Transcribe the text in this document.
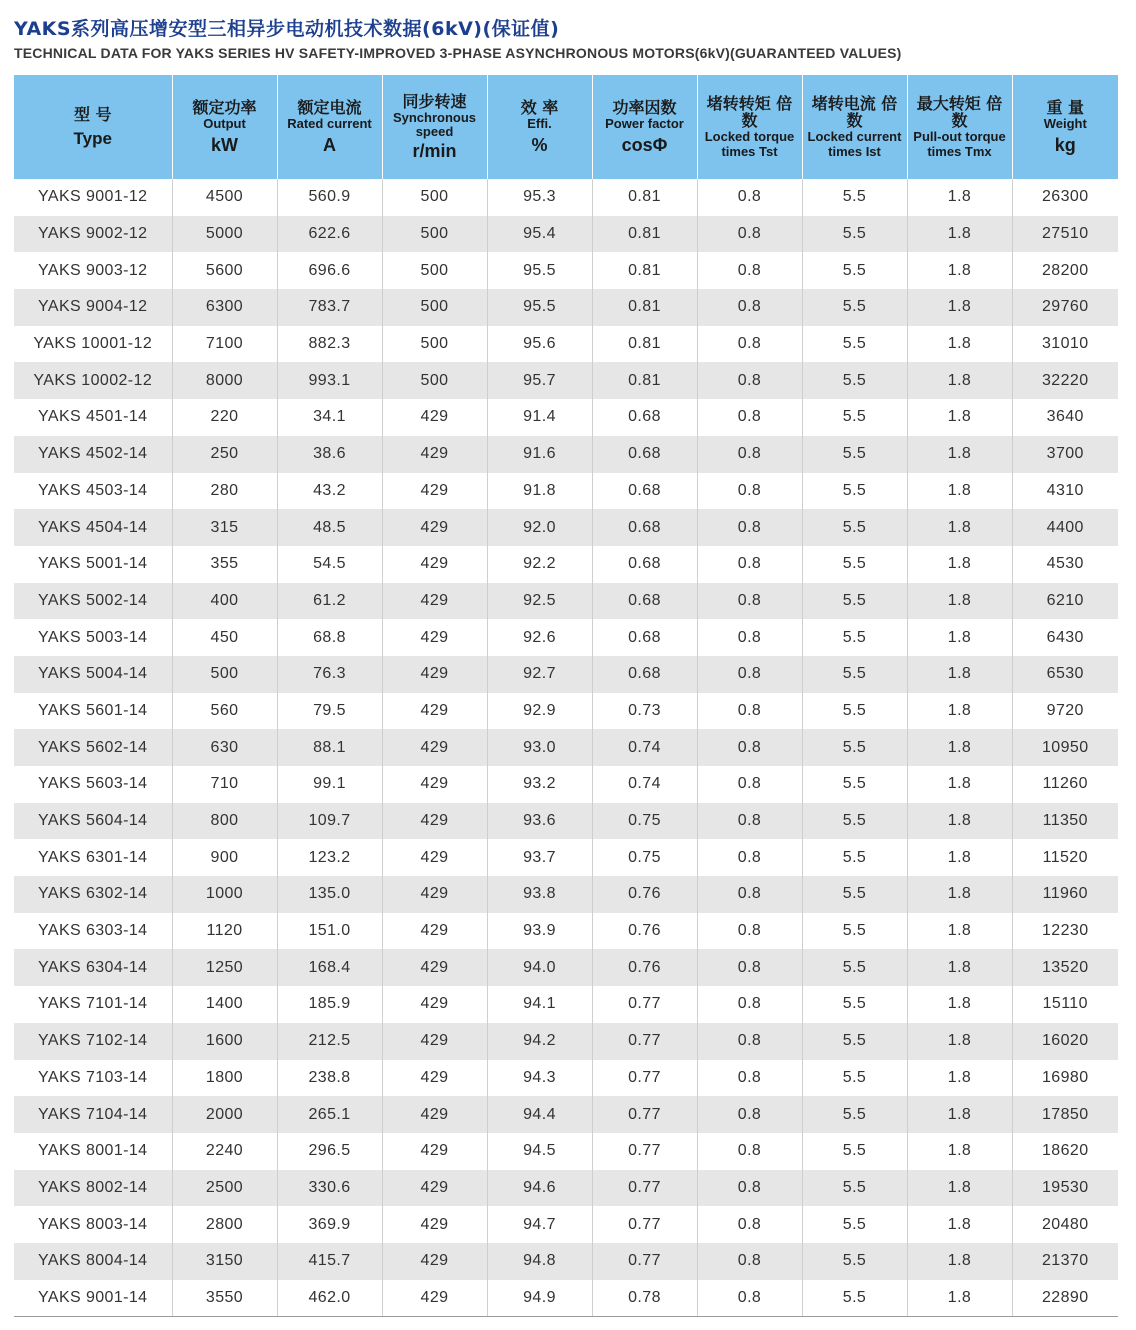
YAKS系列高压增安型三相异步电动机技术数据(6kV)(保证值)
TECHNICAL DATA FOR YAKS SERIES HV SAFETY-IMPROVED 3-PHASE ASYNCHRONOUS MOTORS(6kV)(GUARANTEED VALUES)
型 号
Type	额定功率
Output
kW	额定电流
Rated current
A	同步转速
Synchronous speed
r/min	效 率
Effi.
%	功率因数
Power factor
cosΦ	堵转转矩 倍数
Locked torque times Tst	堵转电流 倍数
Locked current times Ist	最大转矩 倍数
Pull-out torque times Tmx	重 量
Weight
kg

YAKS 9001-12	4500	560.9	500	95.3	0.81	0.8	5.5	1.8	26300
YAKS 9002-12	5000	622.6	500	95.4	0.81	0.8	5.5	1.8	27510
YAKS 9003-12	5600	696.6	500	95.5	0.81	0.8	5.5	1.8	28200
YAKS 9004-12	6300	783.7	500	95.5	0.81	0.8	5.5	1.8	29760
YAKS 10001-12	7100	882.3	500	95.6	0.81	0.8	5.5	1.8	31010
YAKS 10002-12	8000	993.1	500	95.7	0.81	0.8	5.5	1.8	32220
YAKS 4501-14	220	34.1	429	91.4	0.68	0.8	5.5	1.8	3640
YAKS 4502-14	250	38.6	429	91.6	0.68	0.8	5.5	1.8	3700
YAKS 4503-14	280	43.2	429	91.8	0.68	0.8	5.5	1.8	4310
YAKS 4504-14	315	48.5	429	92.0	0.68	0.8	5.5	1.8	4400
YAKS 5001-14	355	54.5	429	92.2	0.68	0.8	5.5	1.8	4530
YAKS 5002-14	400	61.2	429	92.5	0.68	0.8	5.5	1.8	6210
YAKS 5003-14	450	68.8	429	92.6	0.68	0.8	5.5	1.8	6430
YAKS 5004-14	500	76.3	429	92.7	0.68	0.8	5.5	1.8	6530
YAKS 5601-14	560	79.5	429	92.9	0.73	0.8	5.5	1.8	9720
YAKS 5602-14	630	88.1	429	93.0	0.74	0.8	5.5	1.8	10950
YAKS 5603-14	710	99.1	429	93.2	0.74	0.8	5.5	1.8	11260
YAKS 5604-14	800	109.7	429	93.6	0.75	0.8	5.5	1.8	11350
YAKS 6301-14	900	123.2	429	93.7	0.75	0.8	5.5	1.8	11520
YAKS 6302-14	1000	135.0	429	93.8	0.76	0.8	5.5	1.8	11960
YAKS 6303-14	1120	151.0	429	93.9	0.76	0.8	5.5	1.8	12230
YAKS 6304-14	1250	168.4	429	94.0	0.76	0.8	5.5	1.8	13520
YAKS 7101-14	1400	185.9	429	94.1	0.77	0.8	5.5	1.8	15110
YAKS 7102-14	1600	212.5	429	94.2	0.77	0.8	5.5	1.8	16020
YAKS 7103-14	1800	238.8	429	94.3	0.77	0.8	5.5	1.8	16980
YAKS 7104-14	2000	265.1	429	94.4	0.77	0.8	5.5	1.8	17850
YAKS 8001-14	2240	296.5	429	94.5	0.77	0.8	5.5	1.8	18620
YAKS 8002-14	2500	330.6	429	94.6	0.77	0.8	5.5	1.8	19530
YAKS 8003-14	2800	369.9	429	94.7	0.77	0.8	5.5	1.8	20480
YAKS 8004-14	3150	415.7	429	94.8	0.77	0.8	5.5	1.8	21370
YAKS 9001-14	3550	462.0	429	94.9	0.78	0.8	5.5	1.8	22890
